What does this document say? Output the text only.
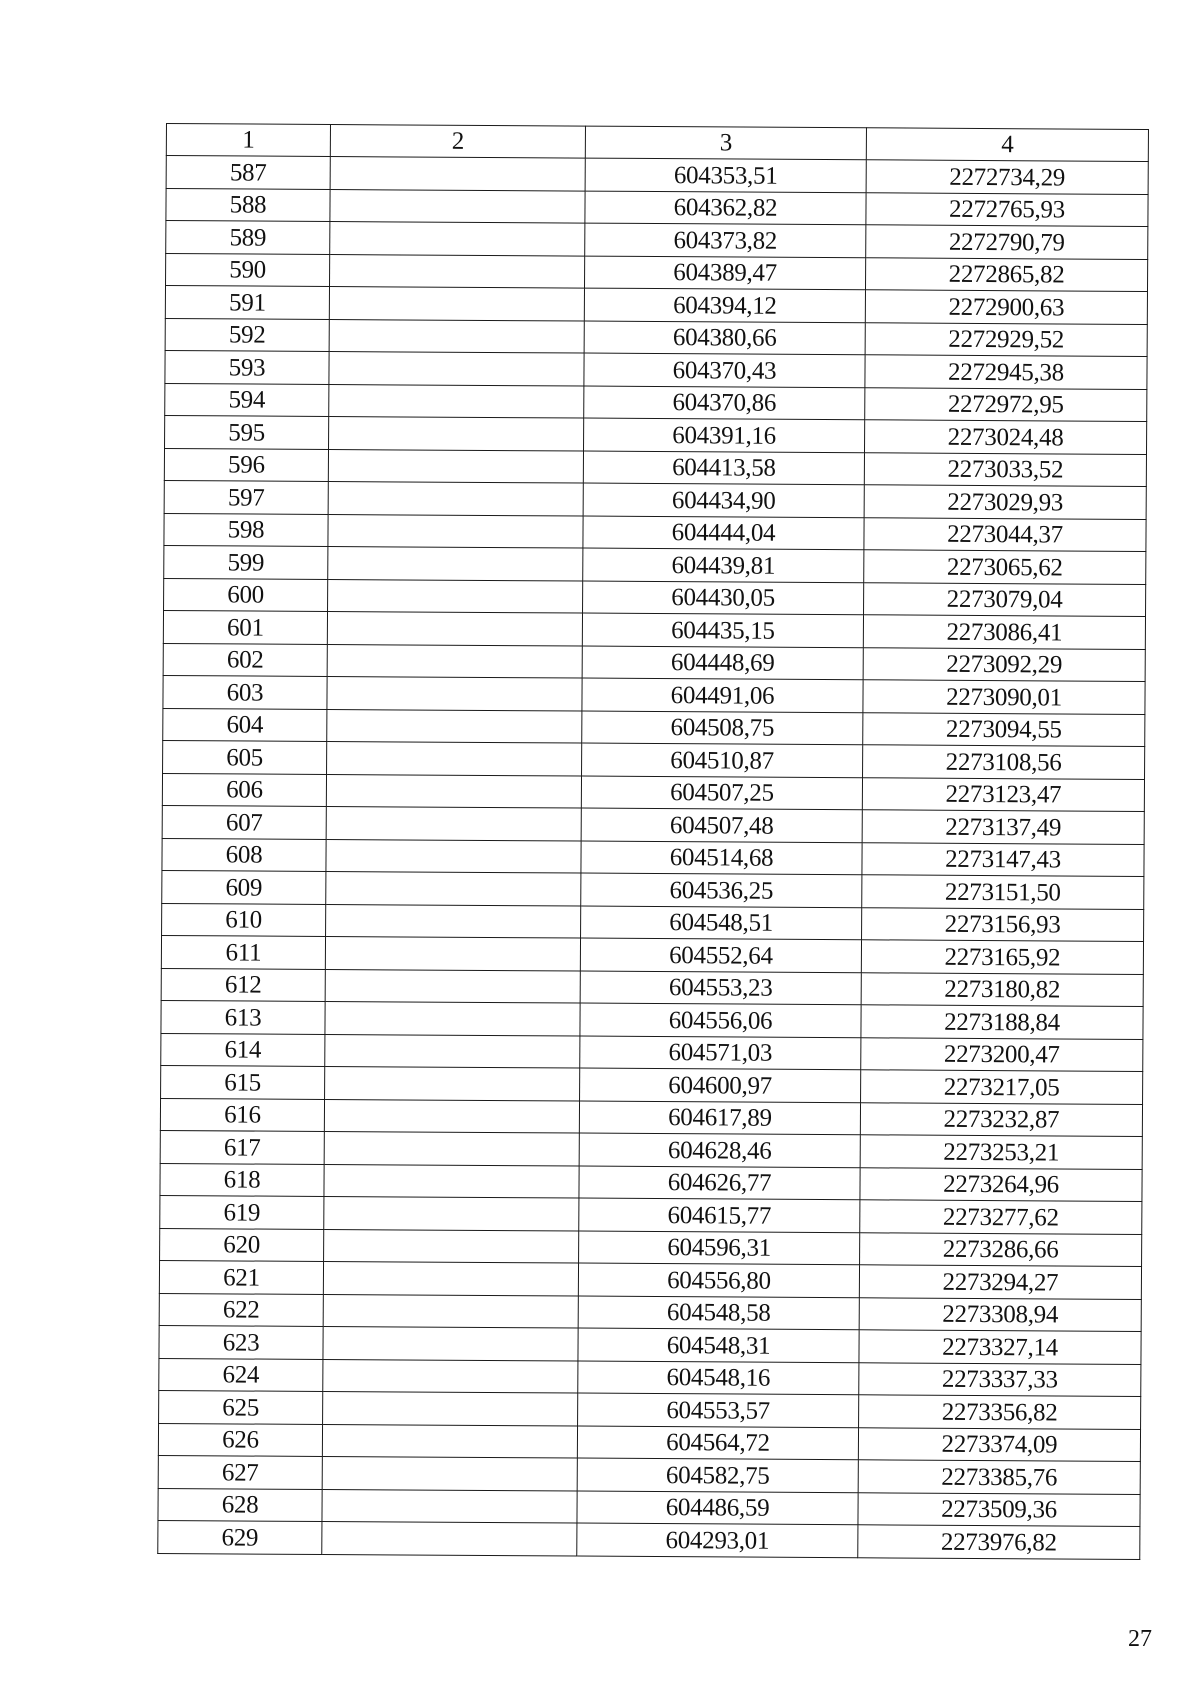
1	2	3	4
587		604353,51	2272734,29
588		604362,82	2272765,93
589		604373,82	2272790,79
590		604389,47	2272865,82
591		604394,12	2272900,63
592		604380,66	2272929,52
593		604370,43	2272945,38
594		604370,86	2272972,95
595		604391,16	2273024,48
596		604413,58	2273033,52
597		604434,90	2273029,93
598		604444,04	2273044,37
599		604439,81	2273065,62
600		604430,05	2273079,04
601		604435,15	2273086,41
602		604448,69	2273092,29
603		604491,06	2273090,01
604		604508,75	2273094,55
605		604510,87	2273108,56
606		604507,25	2273123,47
607		604507,48	2273137,49
608		604514,68	2273147,43
609		604536,25	2273151,50
610		604548,51	2273156,93
611		604552,64	2273165,92
612		604553,23	2273180,82
613		604556,06	2273188,84
614		604571,03	2273200,47
615		604600,97	2273217,05
616		604617,89	2273232,87
617		604628,46	2273253,21
618		604626,77	2273264,96
619		604615,77	2273277,62
620		604596,31	2273286,66
621		604556,80	2273294,27
622		604548,58	2273308,94
623		604548,31	2273327,14
624		604548,16	2273337,33
625		604553,57	2273356,82
626		604564,72	2273374,09
627		604582,75	2273385,76
628		604486,59	2273509,36
629		604293,01	2273976,82
27
